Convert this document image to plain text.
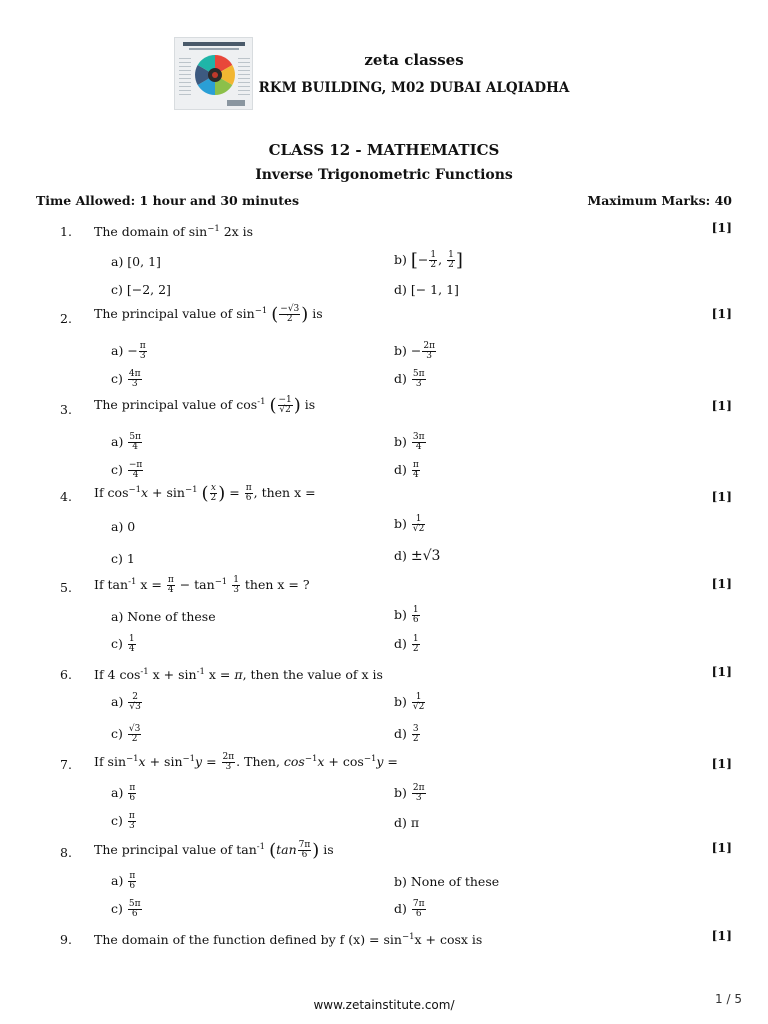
zeta classes
RKM BUILDING, M02 DUBAI ALQIADHA
CLASS 12 - MATHEMATICS
Inverse Trigonometric Functions
Time Allowed: 1 hour and 30 minutes	Maximum Marks: 40
1. The domain of $\sin^{-1} 2x$ is	[1]
a) [0, 1]	b) [− $\frac{1}{2}$ , $\frac{1}{2}$ ]
c) [−2, 2]	d) [− 1, 1]
2. The principal value of $\sin^{-1}$ ( $\frac{-√3}{2}$ ) is	[1]
$a) - \frac{\pi}{3}$	$b) - \frac{2\pi}{3}$
$c) \frac{4\pi}{3}$	$d) \frac{5\pi}{3}$
3. The principal value of $\cos^{-1}$ ( $\frac{-1}{√2}$ ) is	[1]
$a) \frac{5\pi}{4}$	$b) \frac{3\pi}{4}$
$c) \frac{-\pi}{4}$	$d) \frac{\pi}{4}$
4. If $\cos^{-1}x + \sin^{-1}$ ( $\frac{x}{2}$ ) = $\frac{\pi}{6}$ , then x =	[1]
a) 0	$b) \frac{1}{√2}$
c) 1	d) ±√3
5. If $\tan^{-1} x = \frac{\pi}{4} - \tan^{-1} \frac{1}{3}$ then x = ?	[1]
a) None of these	$b) \frac{1}{6}$
$c) \frac{1}{4}$	$d) \frac{1}{2}$
6. If 4 $\cos^{-1} x + \sin^{-1} x = \pi$, then the value of x is	[1]
$a) \frac{2}{√3}$	$b) \frac{1}{√2}$
$c) \frac{√3}{2}$	$d) \frac{3}{2}$
7. If $\sin^{-1}x + \sin^{-1}y = \frac{2\pi}{3}$ . Then, $\cos^{-1}x + \cos^{-1}y$ =	[1]
$a) \frac{\pi}{6}$	$b) \frac{2\pi}{3}$
$c) \frac{\pi}{3}$	d) π
8. The principal value of $\tan^{-1} (\tan \frac{7\pi}{6}$ ) is	[1]
$a) \frac{\pi}{6}$	b) None of these
$c) \frac{5\pi}{6}$	$d) \frac{7\pi}{6}$
9. The domain of the function defined by f $(x) = \sin^{-1}x + \cos x$ is	[1]
www.zetainstitute.com/	1 / 5
